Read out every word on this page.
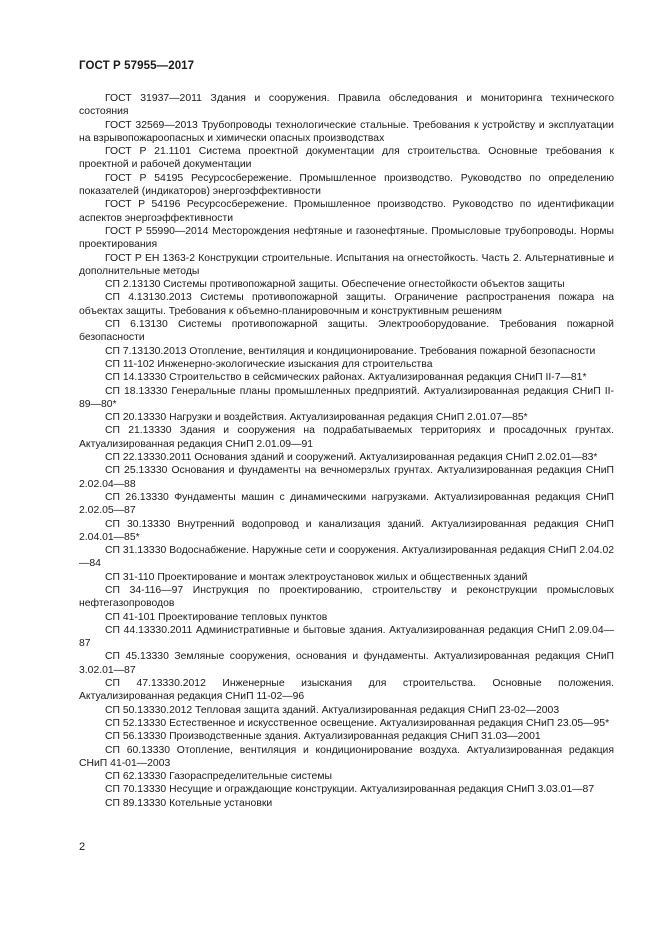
ГОСТ Р 57955—2017

ГОСТ 31937—2011 Здания и сооружения. Правила обследования и мониторинга технического состояния

ГОСТ 32569—2013 Трубопроводы технологические стальные. Требования к устройству и эксплуатации на взрывопожароопасных и химически опасных производствах

ГОСТ Р 21.1101 Система проектной документации для строительства. Основные требования к проектной и рабочей документации

ГОСТ Р 54195 Ресурсосбережение. Промышленное производство. Руководство по определению показателей (индикаторов) энергоэффективности

ГОСТ Р 54196 Ресурсосбережение. Промышленное производство. Руководство по идентификации аспектов энергоэффективности

ГОСТ Р 55990—2014 Месторождения нефтяные и газонефтяные. Промысловые трубопроводы. Нормы проектирования

ГОСТ Р ЕН 1363-2 Конструкции строительные. Испытания на огнестойкость. Часть 2. Альтернативные и дополнительные методы

СП 2.13130 Системы противопожарной защиты. Обеспечение огнестойкости объектов защиты

СП 4.13130.2013 Системы противопожарной защиты. Ограничение распространения пожара на объектах защиты. Требования к объемно-планировочным и конструктивным решениям

СП 6.13130 Системы противопожарной защиты. Электрооборудование. Требования пожарной безопасности

СП 7.13130.2013 Отопление, вентиляция и кондиционирование. Требования пожарной безопасности

СП 11-102 Инженерно-экологические изыскания для строительства

СП 14.13330 Строительство в сейсмических районах. Актуализированная редакция СНиП II-7—81*

СП 18.13330 Генеральные планы промышленных предприятий. Актуализированная редакция СНиП II-89—80*

СП 20.13330 Нагрузки и воздействия. Актуализированная редакция СНиП 2.01.07—85*

СП 21.13330 Здания и сооружения на подрабатываемых территориях и просадочных грунтах. Актуализированная редакция СНиП 2.01.09—91

СП 22.13330.2011 Основания зданий и сооружений. Актуализированная редакция СНиП 2.02.01—83*

СП 25.13330 Основания и фундаменты на вечномерзлых грунтах. Актуализированная редакция СНиП 2.02.04—88

СП 26.13330 Фундаменты машин с динамическими нагрузками. Актуализированная редакция СНиП 2.02.05—87

СП 30.13330 Внутренний водопровод и канализация зданий. Актуализированная редакция СНиП 2.04.01—85*

СП 31.13330 Водоснабжение. Наружные сети и сооружения. Актуализированная редакция СНиП 2.04.02—84

СП 31-110 Проектирование и монтаж электроустановок жилых и общественных зданий

СП 34-116—97 Инструкция по проектированию, строительству и реконструкции промысловых нефтегазопроводов

СП 41-101 Проектирование тепловых пунктов

СП 44.13330.2011 Административные и бытовые здания. Актуализированная редакция СНиП 2.09.04—87

СП 45.13330 Земляные сооружения, основания и фундаменты. Актуализированная редакция СНиП 3.02.01—87

СП 47.13330.2012 Инженерные изыскания для строительства. Основные положения. Актуализированная редакция СНиП 11-02—96

СП 50.13330.2012 Тепловая защита зданий. Актуализированная редакция СНиП 23-02—2003

СП 52.13330 Естественное и искусственное освещение. Актуализированная редакция СНиП 23.05—95*

СП 56.13330 Производственные здания. Актуализированная редакция СНиП 31.03—2001

СП 60.13330 Отопление, вентиляция и кондиционирование воздуха. Актуализированная редакция СНиП 41-01—2003

СП 62.13330 Газораспределительные системы

СП 70.13330 Несущие и ограждающие конструкции. Актуализированная редакция СНиП 3.03.01—87

СП 89.13330 Котельные установки

2
